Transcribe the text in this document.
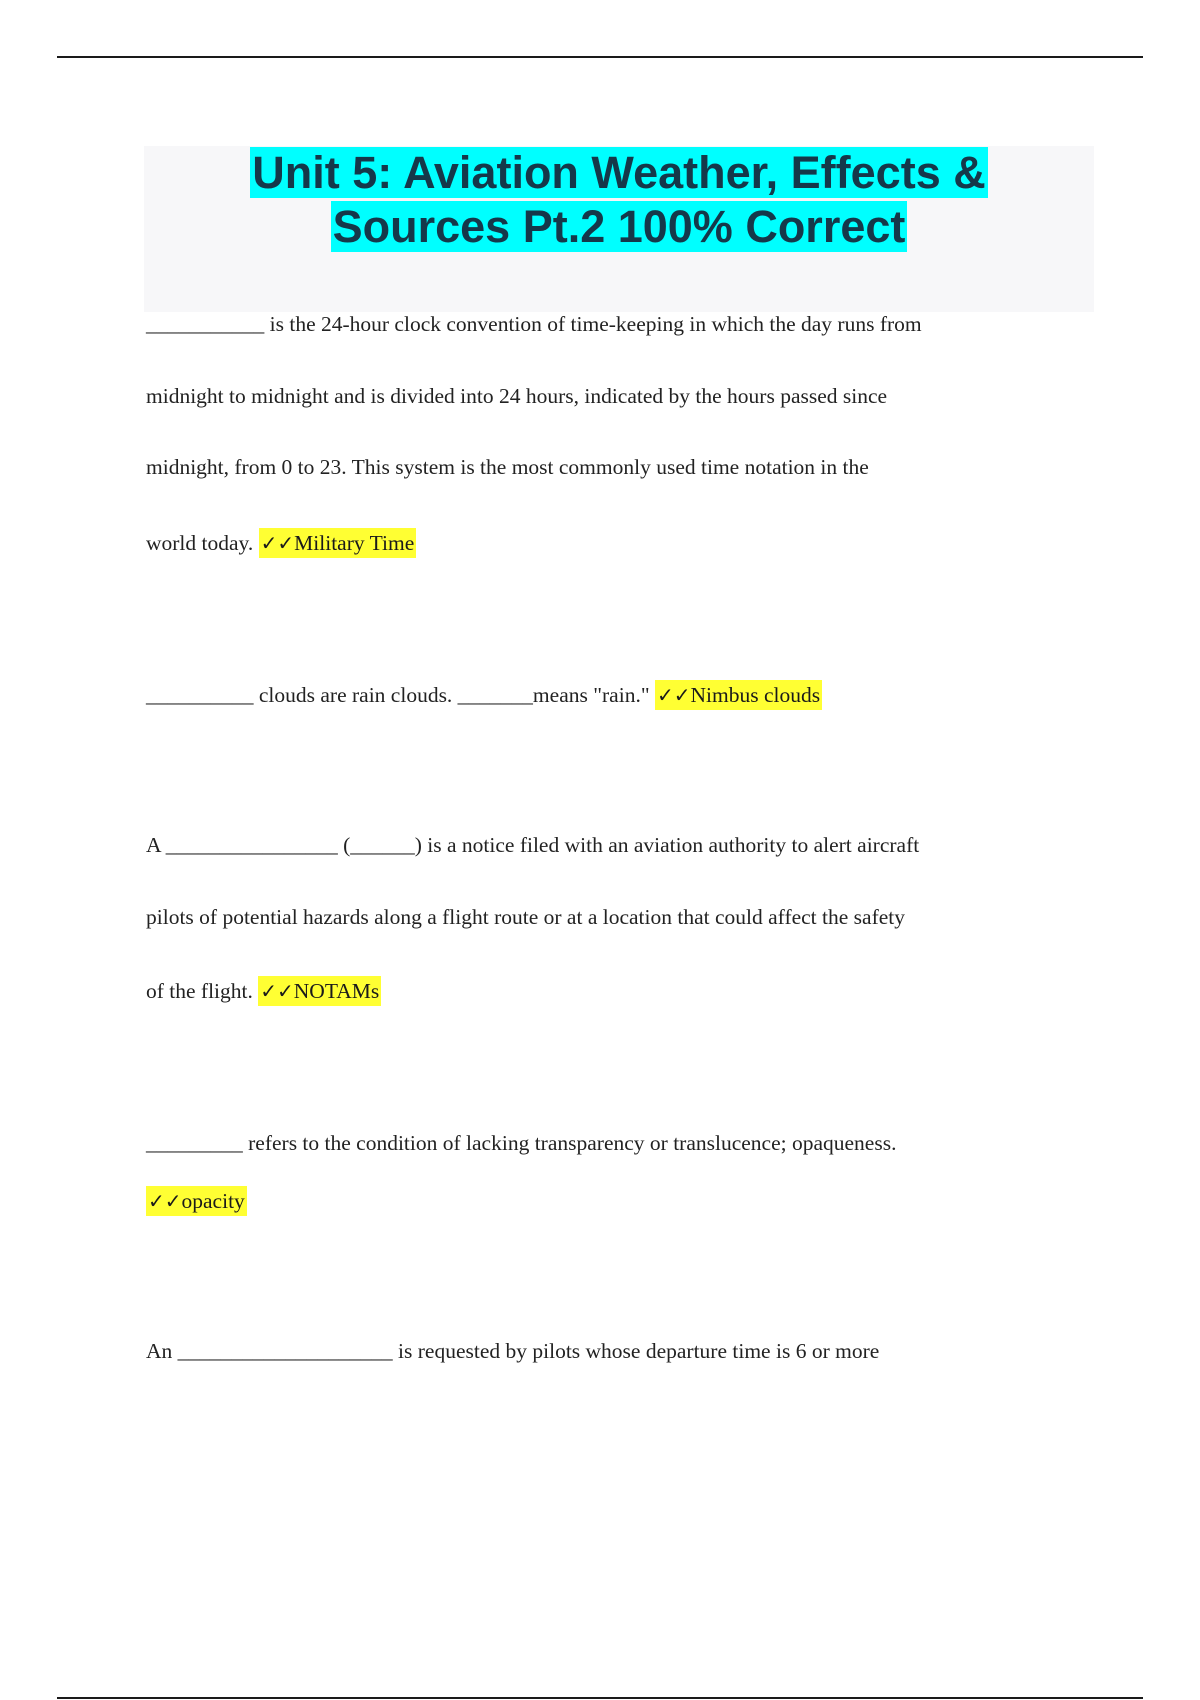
Unit 5: Aviation Weather, Effects &
Sources Pt.2 100% Correct
___________ is the 24-hour clock convention of time-keeping in which the day runs from
midnight to midnight and is divided into 24 hours, indicated by the hours passed since
midnight, from 0 to 23. This system is the most commonly used time notation in the
world today. ✓✓Military Time
__________ clouds are rain clouds. _______means "rain." ✓✓Nimbus clouds
A ________________ (______) is a notice filed with an aviation authority to alert aircraft
pilots of potential hazards along a flight route or at a location that could affect the safety
of the flight. ✓✓NOTAMs
_________ refers to the condition of lacking transparency or translucence; opaqueness.
✓✓opacity
An ____________________ is requested by pilots whose departure time is 6 or more
